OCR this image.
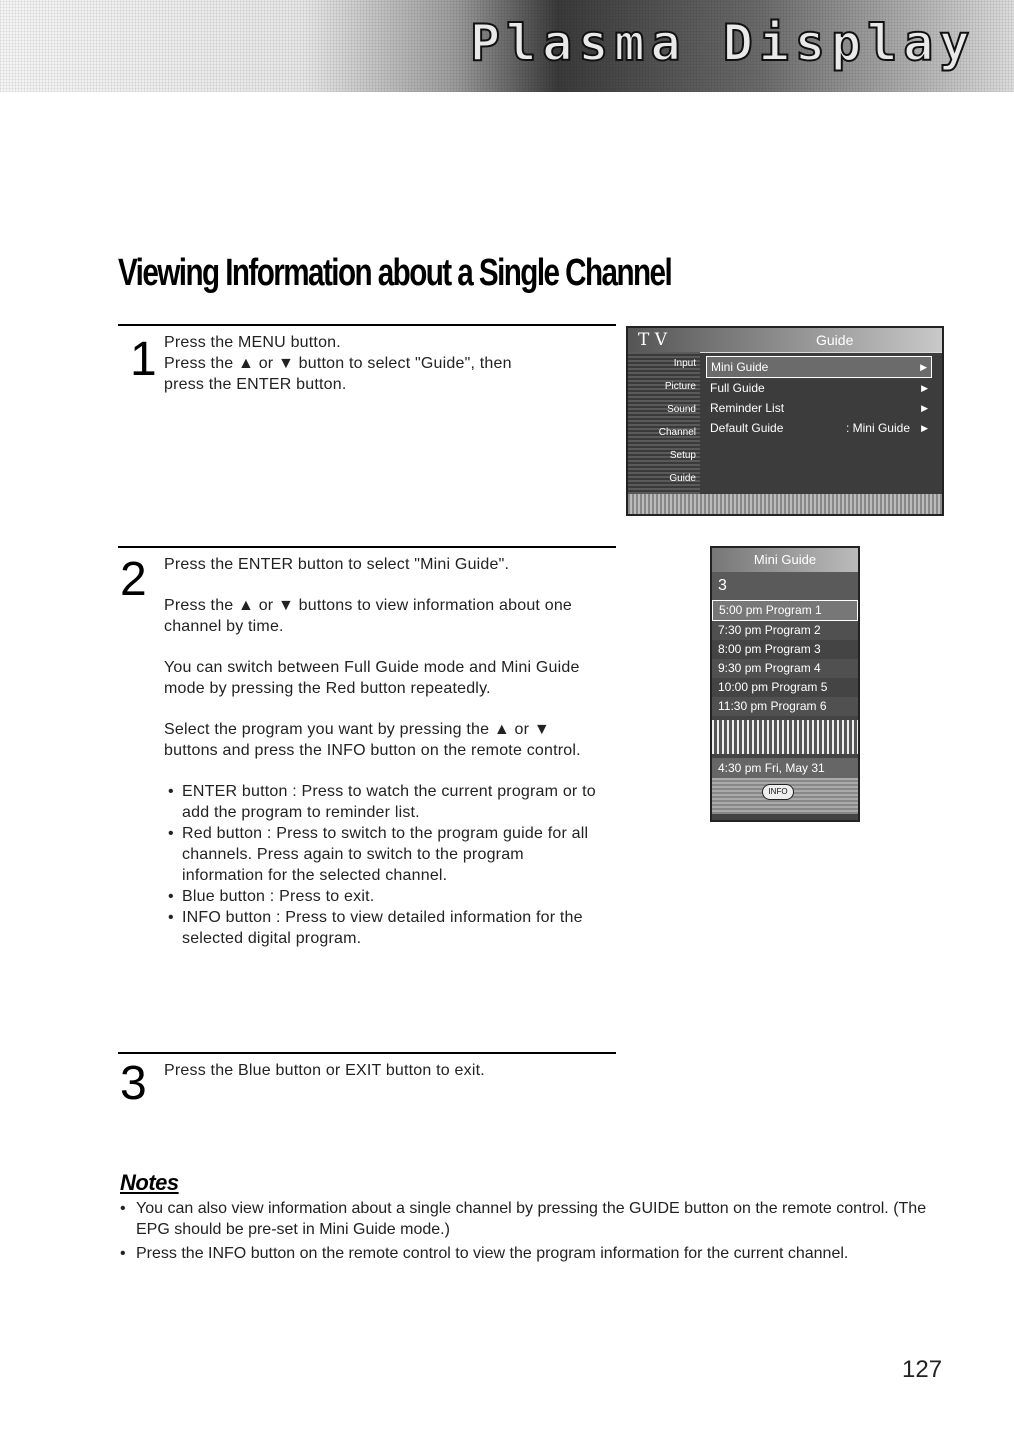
Plasma Display
Viewing Information about a Single Channel
1 Press the MENU button.

Press the ▲ or ▼ button to select "Guide", then

press the ENTER button.

T V	Guide
Input
Picture
Sound
Channel
Setup
Guide
Mini Guide	▶
Full Guide	▶
Reminder List	▶
Default Guide	: Mini Guide ▶
2 Press the ENTER button to select "Mini Guide".

Press the ▲ or ▼ buttons to view information about one channel by time.

You can switch between Full Guide mode and Mini Guide mode by pressing the Red button repeatedly.

Select the program you want by pressing the ▲ or ▼ buttons and press the INFO button on the remote control.

• ENTER button : Press to watch the current program or to add the program to reminder list.
• Red button : Press to switch to the program guide for all channels. Press again to switch to the program information for the selected channel.
• Blue button : Press to exit.
• INFO button : Press to view detailed information for the selected digital program.
Mini Guide
3
5:00 pm Program 1
7:30 pm Program 2
8:00 pm Program 3
9:30 pm Program 4
10:00 pm Program 5
11:30 pm Program 6
4:30 pm Fri, May 31
INFO
3 Press the Blue button or EXIT button to exit.

Notes
• You can also view information about a single channel by pressing the GUIDE button on the remote control. (The EPG should be pre-set in Mini Guide mode.)
• Press the INFO button on the remote control to view the program information for the current channel.
127
